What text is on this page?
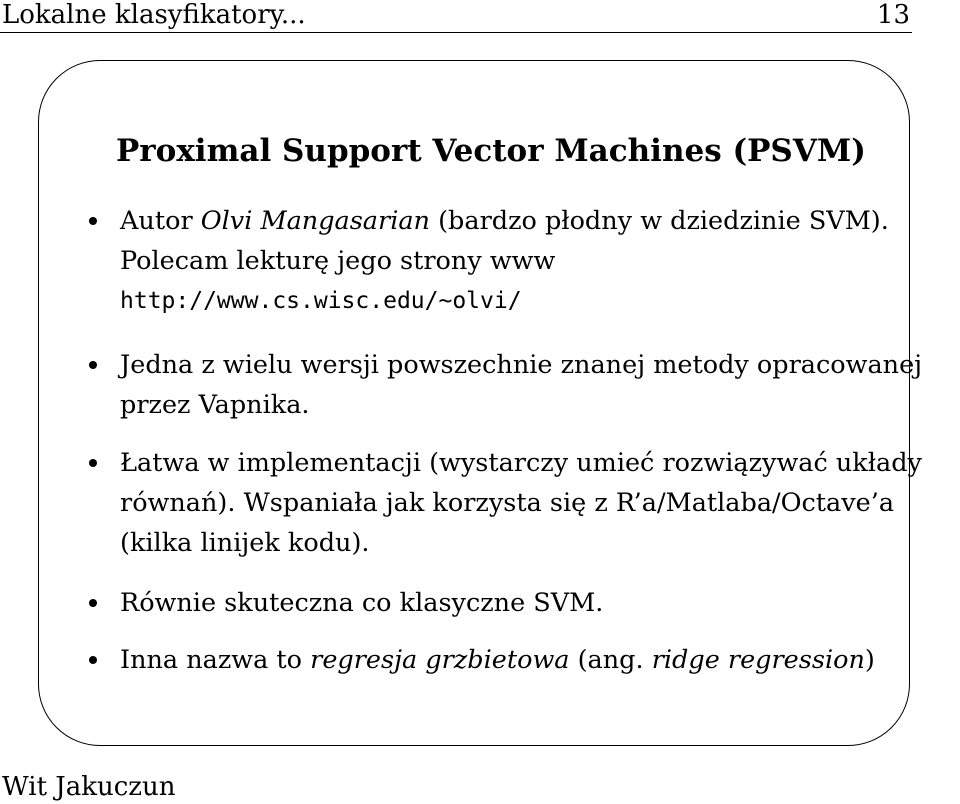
Lokalne klasyfikatory...	13
Proximal Support Vector Machines (PSVM)
Autor Olvi Mangasarian (bardzo płodny w dziedzinie SVM).
Polecam lekturę jego strony www
http://www.cs.wisc.edu/~olvi/
Jedna z wielu wersji powszechnie znanej metody opracowanej
przez Vapnika.
Łatwa w implementacji (wystarczy umieć rozwiązywać układy
równań). Wspaniała jak korzysta się z R’a/Matlaba/Octave’a
(kilka linijek kodu).
Równie skuteczna co klasyczne SVM.
Inna nazwa to regresja grzbietowa (ang. ridge regression)
Wit Jakuczun
